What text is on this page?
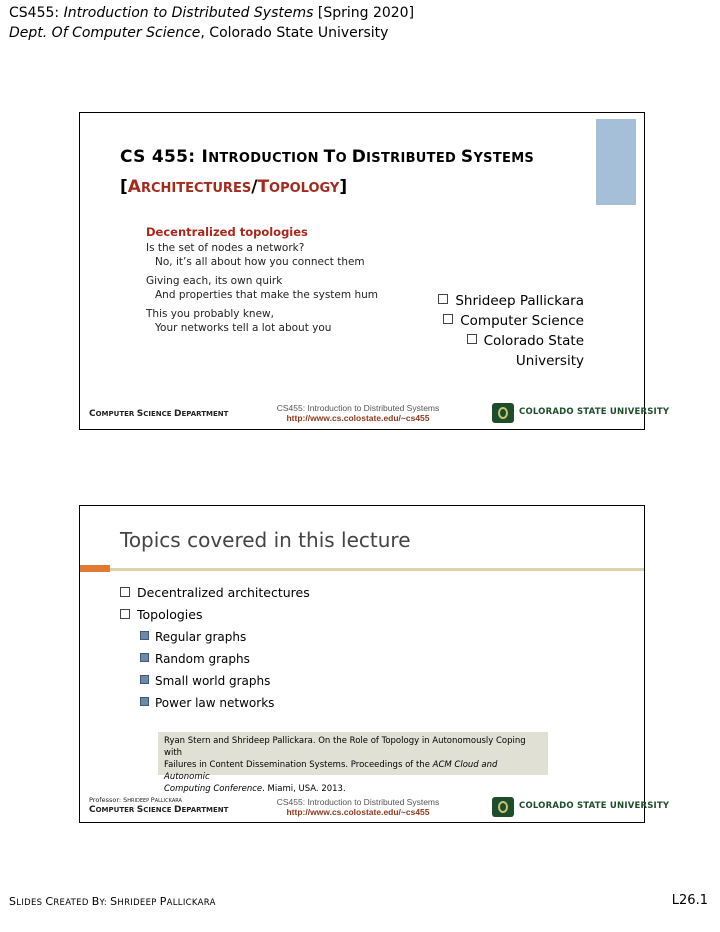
CS455: Introduction to Distributed Systems [Spring 2020]
Dept. Of Computer Science, Colorado State University
CS 455: INTRODUCTION TO DISTRIBUTED SYSTEMS
[ARCHITECTURES/TOPOLOGY]
Decentralized topologies
Is the set of nodes a network?
No, it’s all about how you connect them
Giving each, its own quirk
And properties that make the system hum
This you probably knew,
Your networks tell a lot about you
Shrideep Pallickara
Computer Science
Colorado State
University
COMPUTER SCIENCE DEPARTMENT
CS455: Introduction to Distributed Systems
http://www.cs.colostate.edu/~cs455
COLORADO STATE UNIVERSITY
Topics covered in this lecture
Decentralized architectures
Topologies
Regular graphs
Random graphs
Small world graphs
Power law networks
Ryan Stern and Shrideep Pallickara. On the Role of Topology in Autonomously Coping with
Failures in Content Dissemination Systems. Proceedings of the ACM Cloud and Autonomic
Computing Conference. Miami, USA. 2013.
Professor: SHRIDEEP PALLICKARA
COMPUTER SCIENCE DEPARTMENT
CS455: Introduction to Distributed Systems
http://www.cs.colostate.edu/~cs455
COLORADO STATE UNIVERSITY
SLIDES CREATED BY: SHRIDEEP PALLICKARA	L26.1
